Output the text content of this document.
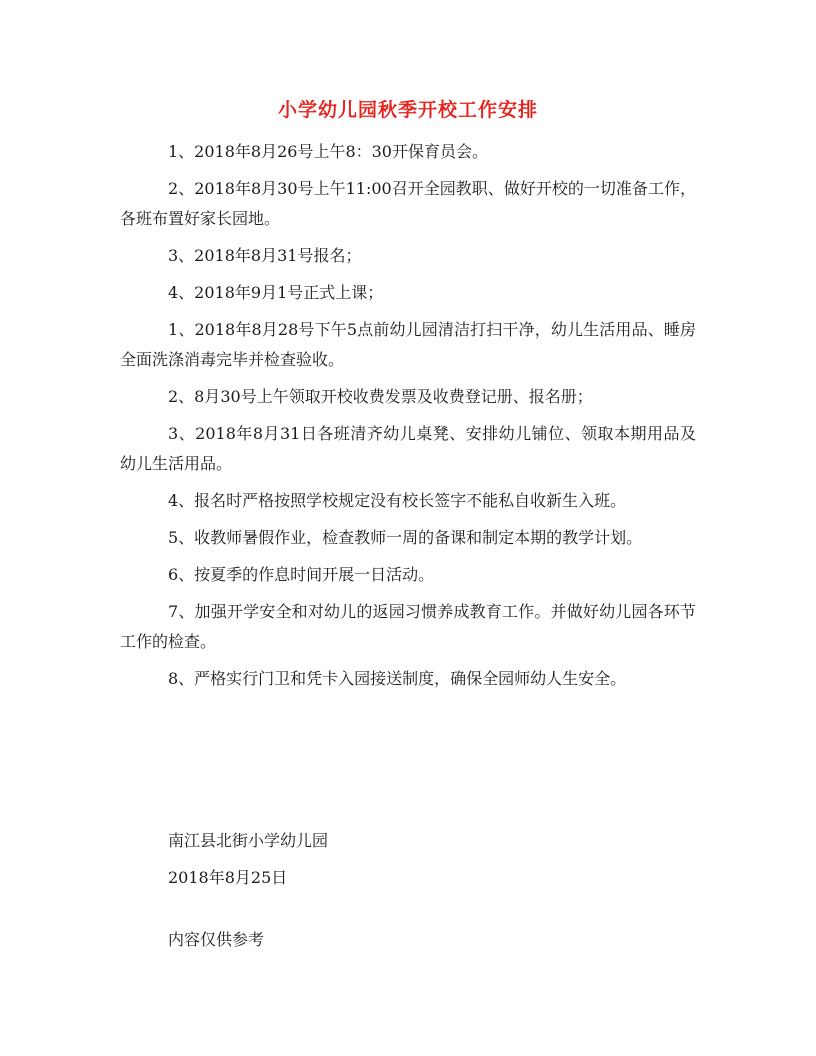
小学幼儿园秋季开校工作安排

1、2018年8月26号上午8：30开保育员会。

2、2018年8月30号上午11:00召开全园教职、做好开校的一切准备工作，各班布置好家长园地。

3、2018年8月31号报名；

4、2018年9月1号正式上课；

1、2018年8月28号下午5点前幼儿园清洁打扫干净，幼儿生活用品、睡房全面洗涤消毒完毕并检查验收。

2、8月30号上午领取开校收费发票及收费登记册、报名册；

3、2018年8月31日各班清齐幼儿桌凳、安排幼儿铺位、领取本期用品及幼儿生活用品。

4、报名时严格按照学校规定没有校长签字不能私自收新生入班。

5、收教师暑假作业，检查教师一周的备课和制定本期的教学计划。

6、按夏季的作息时间开展一日活动。

7、加强开学安全和对幼儿的返园习惯养成教育工作。并做好幼儿园各环节工作的检查。

8、严格实行门卫和凭卡入园接送制度，确保全园师幼人生安全。

南江县北街小学幼儿园
2018年8月25日
内容仅供参考
